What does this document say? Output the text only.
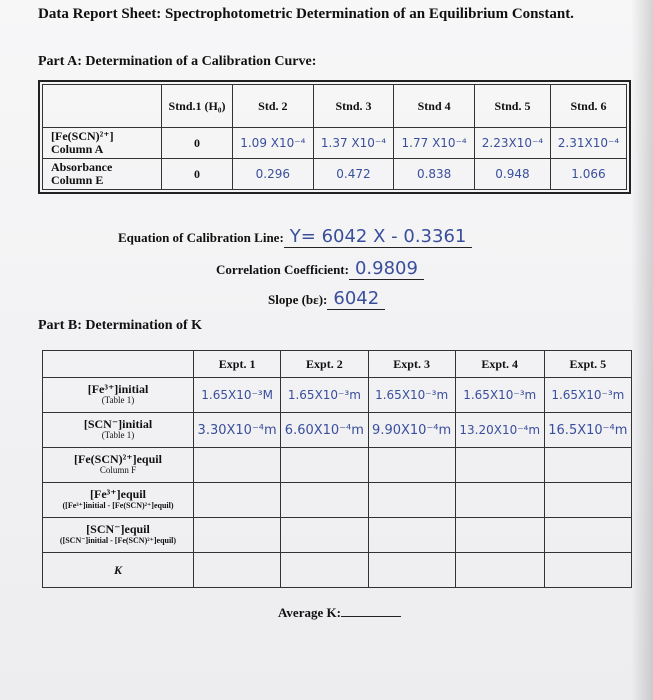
Data Report Sheet: Spectrophotometric Determination of an Equilibrium Constant.
Part A: Determination of a Calibration Curve:
	Stnd.1 (H₀)	Std. 2	Stnd. 3	Stnd 4	Stnd. 5	Stnd. 6

[Fe(SCN)²⁺]
Column A	0	1.09 X10⁻⁴	1.37 X10⁻⁴	1.77 X10⁻⁴	2.23X10⁻⁴	2.31X10⁻⁴

Absorbance
Column E	0	0.296	0.472	0.838	0.948	1.066
Equation of Calibration Line: Y= 6042 X - 0.3361
Correlation Coefficient: 0.9809
Slope (bε): 6042
Part B: Determination of K
	Expt. 1	Expt. 2	Expt. 3	Expt. 4	Expt. 5

[Fe³⁺]initial
(Table 1)	1.65X10⁻³M	1.65X10⁻³m	1.65X10⁻³m	1.65X10⁻³m	1.65X10⁻³m

[SCN⁻]initial
(Table 1)	3.30X10⁻⁴m	6.60X10⁻⁴m	9.90X10⁻⁴m	13.20X10⁻⁴m	16.5X10⁻⁴m

[Fe(SCN)²⁺]equil
Column F					

[Fe³⁺]equil
([Fe³⁺]initial - [Fe(SCN)²⁺]equil)					

[SCN⁻]equil
([SCN⁻]initial - [Fe(SCN)²⁺]equil)					

K					

Average K:
